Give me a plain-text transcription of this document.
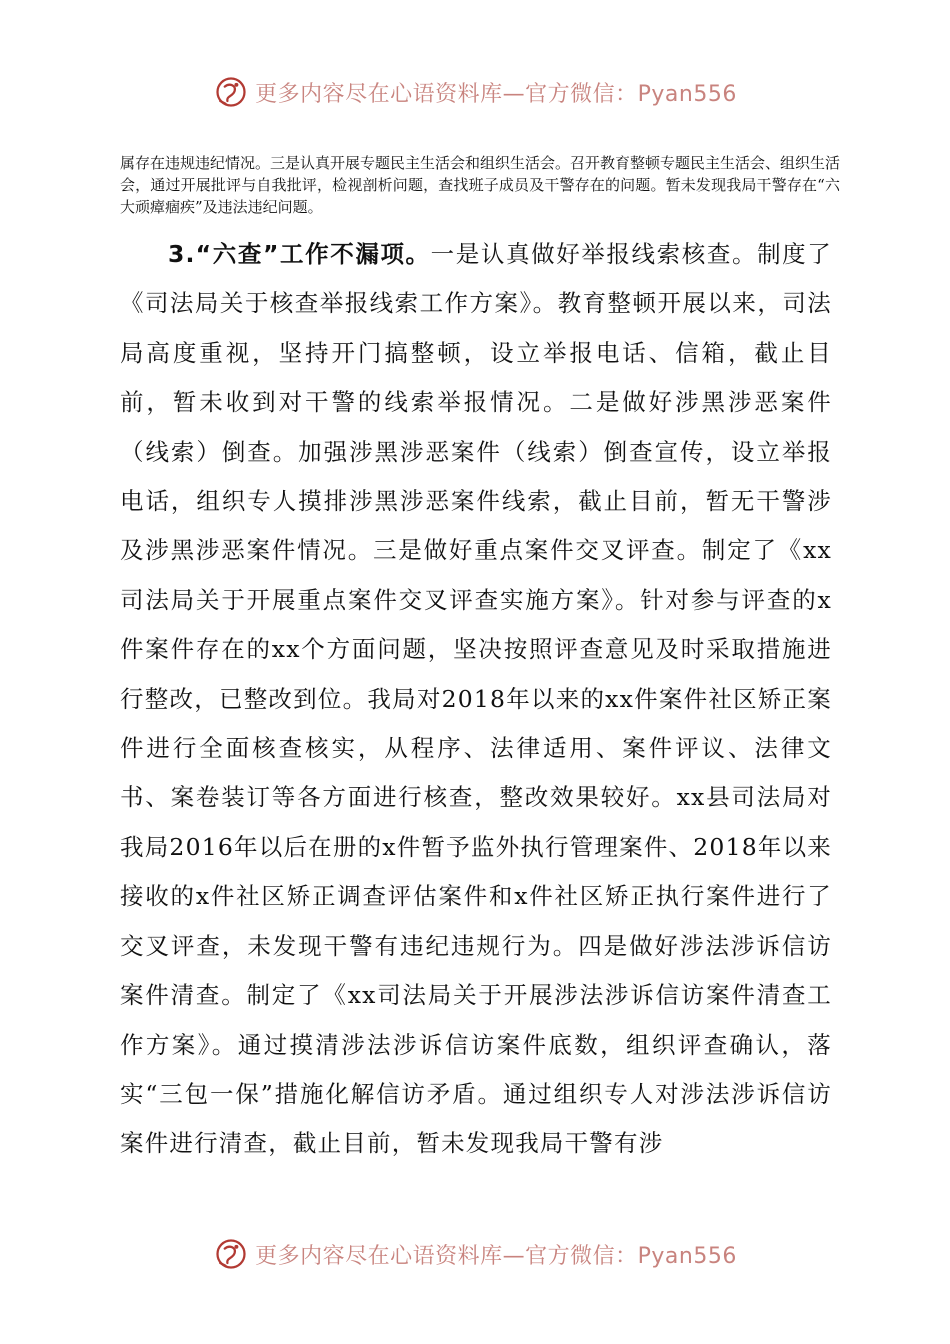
更多内容尽在心语资料库—官方微信：Pyan556

属存在违规违纪情况。三是认真开展专题民主生活会和组织生活会。召开教育整顿专题民主生活会、组织生活会，通过开展批评与自我批评，检视剖析问题，查找班子成员及干警存在的问题。暂未发现我局干警存在“六大顽瘴痼疾”及违法违纪问题。

3.“六查”工作不漏项。一是认真做好举报线索核查。制度了《司法局关于核查举报线索工作方案》。教育整顿开展以来，司法局高度重视，坚持开门搞整顿，设立举报电话、信箱，截止目前，暂未收到对干警的线索举报情况。二是做好涉黑涉恶案件（线索）倒查。加强涉黑涉恶案件（线索）倒查宣传，设立举报电话，组织专人摸排涉黑涉恶案件线索，截止目前，暂无干警涉及涉黑涉恶案件情况。三是做好重点案件交叉评查。制定了《xx司法局关于开展重点案件交叉评查实施方案》。针对参与评查的x件案件存在的xx个方面问题，坚决按照评查意见及时采取措施进行整改，已整改到位。我局对2018年以来的xx件案件社区矫正案件进行全面核查核实，从程序、法律适用、案件评议、法律文书、案卷装订等各方面进行核查，整改效果较好。xx县司法局对我局2016年以后在册的x件暂予监外执行管理案件、2018年以来接收的x件社区矫正调查评估案件和x件社区矫正执行案件进行了交叉评查，未发现干警有违纪违规行为。四是做好涉法涉诉信访案件清查。制定了《xx司法局关于开展涉法涉诉信访案件清查工作方案》。通过摸清涉法涉诉信访案件底数，组织评查确认，落实“三包一保”措施化解信访矛盾。通过组织专人对涉法涉诉信访案件进行清查，截止目前，暂未发现我局干警有涉
更多内容尽在心语资料库—官方微信：Pyan556
